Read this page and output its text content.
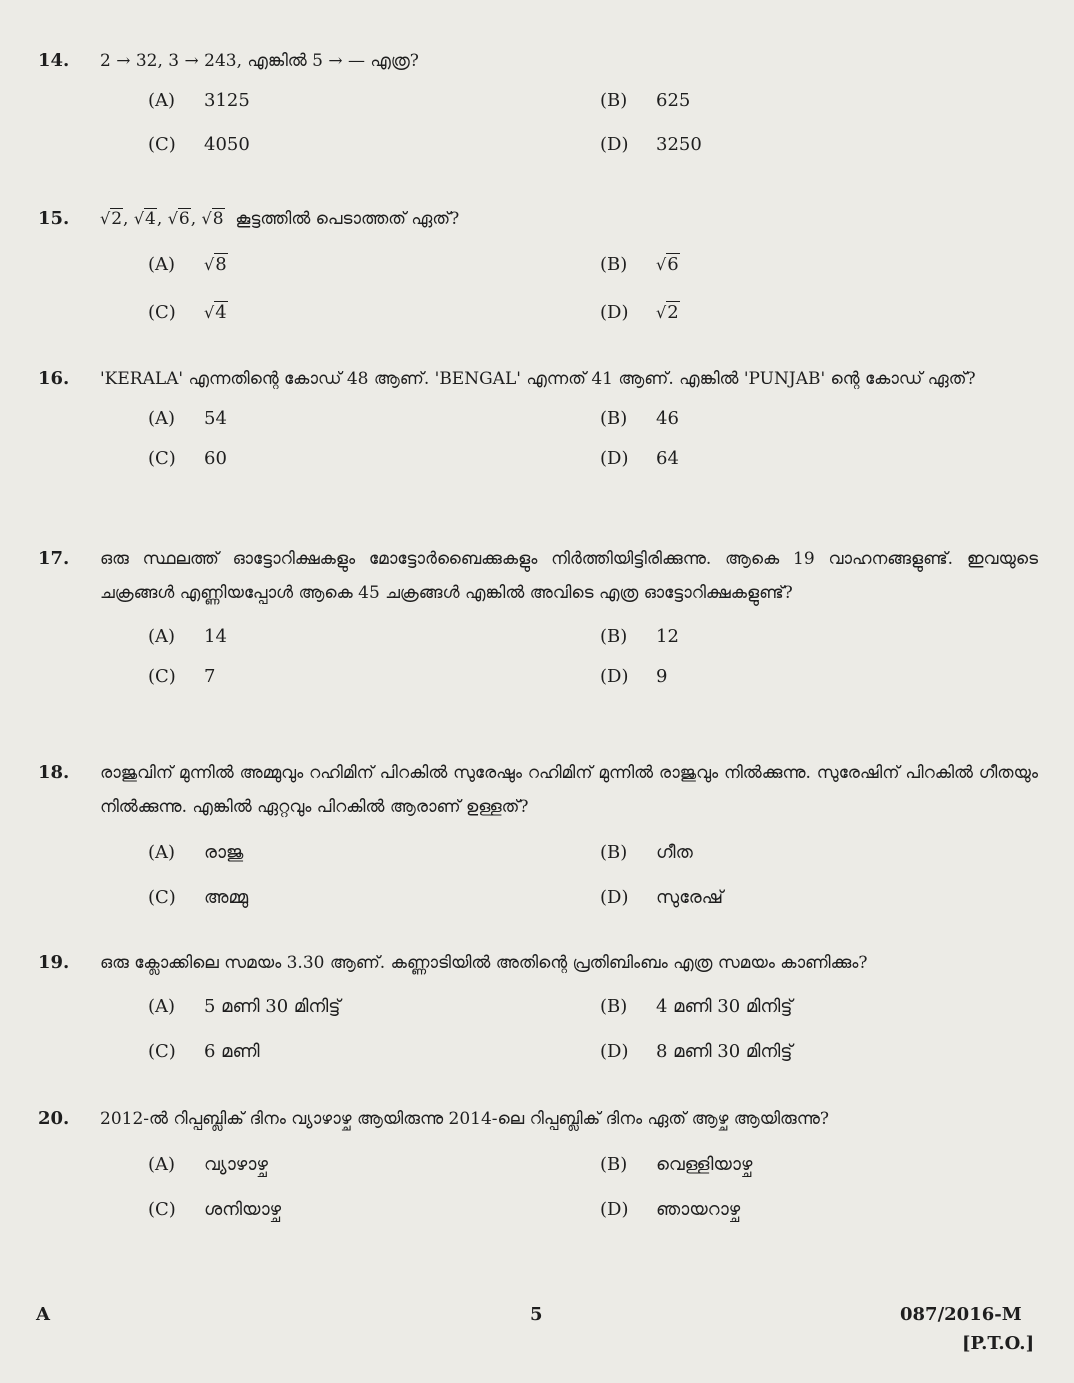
14.	2 → 32, 3 → 243, എങ്കിൽ 5 → — എത്ര?
(A)	3125	(B)	625
(C)	4050	(D)	3250
15.	√2, √4, √6, √8 കൂട്ടത്തിൽ പെടാത്തത് ഏത്?
(A)	√8	(B)	√6
(C)	√4	(D)	√2
16.	'KERALA' എന്നതിന്റെ കോഡ് 48 ആണ്. 'BENGAL' എന്നത് 41 ആണ്. എങ്കിൽ 'PUNJAB' ന്റെ കോഡ് ഏത്?
(A)	54	(B)	46
(C)	60	(D)	64
17.	ഒരു സ്ഥലത്ത് ഓട്ടോറിക്ഷകളും മോട്ടോർബൈക്കുകളും നിർത്തിയിട്ടിരിക്കുന്നു. ആകെ 19 വാഹനങ്ങളുണ്ട്. ഇവയുടെ ചക്രങ്ങൾ എണ്ണിയപ്പോൾ ആകെ 45 ചക്രങ്ങൾ എങ്കിൽ അവിടെ എത്ര ഓട്ടോറിക്ഷകളുണ്ട്?
(A)	14	(B)	12
(C)	7	(D)	9
18.	രാജുവിന് മുന്നിൽ അമ്മുവും റഹിമിന് പിറകിൽ സുരേഷും റഹിമിന് മുന്നിൽ രാജുവും നിൽക്കുന്നു. സുരേഷിന് പിറകിൽ ഗീതയും നിൽക്കുന്നു. എങ്കിൽ ഏറ്റവും പിറകിൽ ആരാണ് ഉള്ളത്?
(A)	രാജു	(B)	ഗീത
(C)	അമ്മു	(D)	സുരേഷ്
19.	ഒരു ക്ലോക്കിലെ സമയം 3.30 ആണ്. കണ്ണാടിയിൽ അതിന്റെ പ്രതിബിംബം എത്ര സമയം കാണിക്കും?
(A)	5 മണി 30 മിനിട്ട്	(B)	4 മണി 30 മിനിട്ട്
(C)	6 മണി	(D)	8 മണി 30 മിനിട്ട്
20.	2012-ൽ റിപ്പബ്ലിക് ദിനം വ്യാഴാഴ്ച ആയിരുന്നു 2014-ലെ റിപ്പബ്ലിക് ദിനം ഏത് ആഴ്ച ആയിരുന്നു?
(A)	വ്യാഴാഴ്ച	(B)	വെള്ളിയാഴ്ച
(C)	ശനിയാഴ്ച	(D)	ഞായറാഴ്ച
A	5	087/2016-M
[P.T.O.]
